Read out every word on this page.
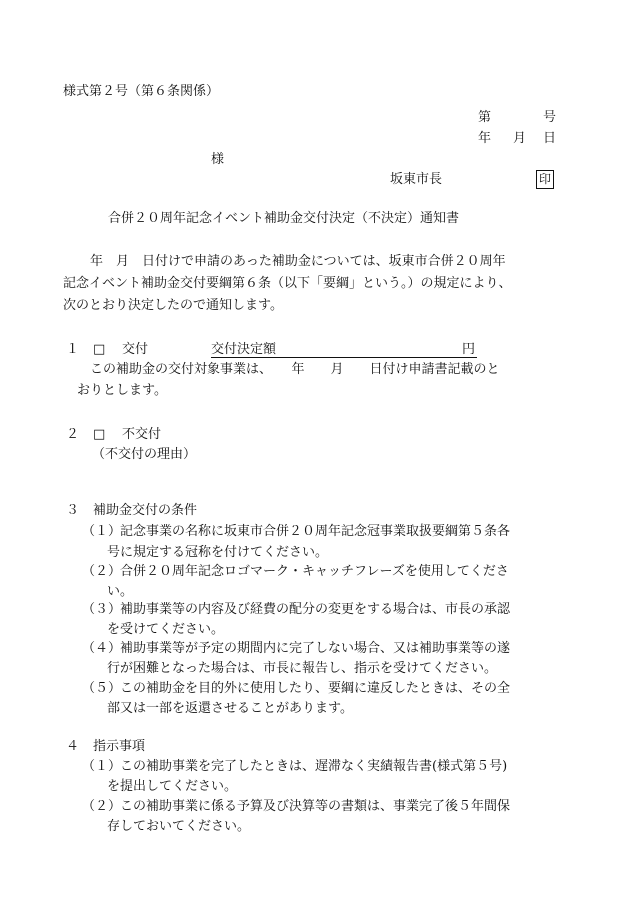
様式第２号（第６条関係）
第	号
年 月 日
様
坂東市長	印
合併２０周年記念イベント補助金交付決定（不決定）通知書
年　月　日付けで申請のあった補助金については、坂東市合併２０周年
記念イベント補助金交付要綱第６条（以下「要綱」という。）の規定により、
次のとおり決定したので通知します。
１ □ 交付	交付決定額	円
この補助金の交付対象事業は、　　年　　月　　日付け申請書記載のと
おりとします。
２ □ 不交付
（不交付の理由）
３ 補助金交付の条件
（１）
記念事業の名称に坂東市合併２０周年記念冠事業取扱要綱第５条各
号に規定する冠称を付けてください。
（２）
合併２０周年記念ロゴマーク・キャッチフレーズを使用してくださ
い。
（３）
補助事業等の内容及び経費の配分の変更をする場合は、市長の承認
を受けてください。
（４）
補助事業等が予定の期間内に完了しない場合、又は補助事業等の遂
行が困難となった場合は、市長に報告し、指示を受けてください。
（５）
この補助金を目的外に使用したり、要綱に違反したときは、その全
部又は一部を返還させることがあります。
４ 指示事項
（１）
この補助事業を完了したときは、遅滞なく実績報告書(様式第５号)
を提出してください。
（２）
この補助事業に係る予算及び決算等の書類は、事業完了後５年間保
存しておいてください。
